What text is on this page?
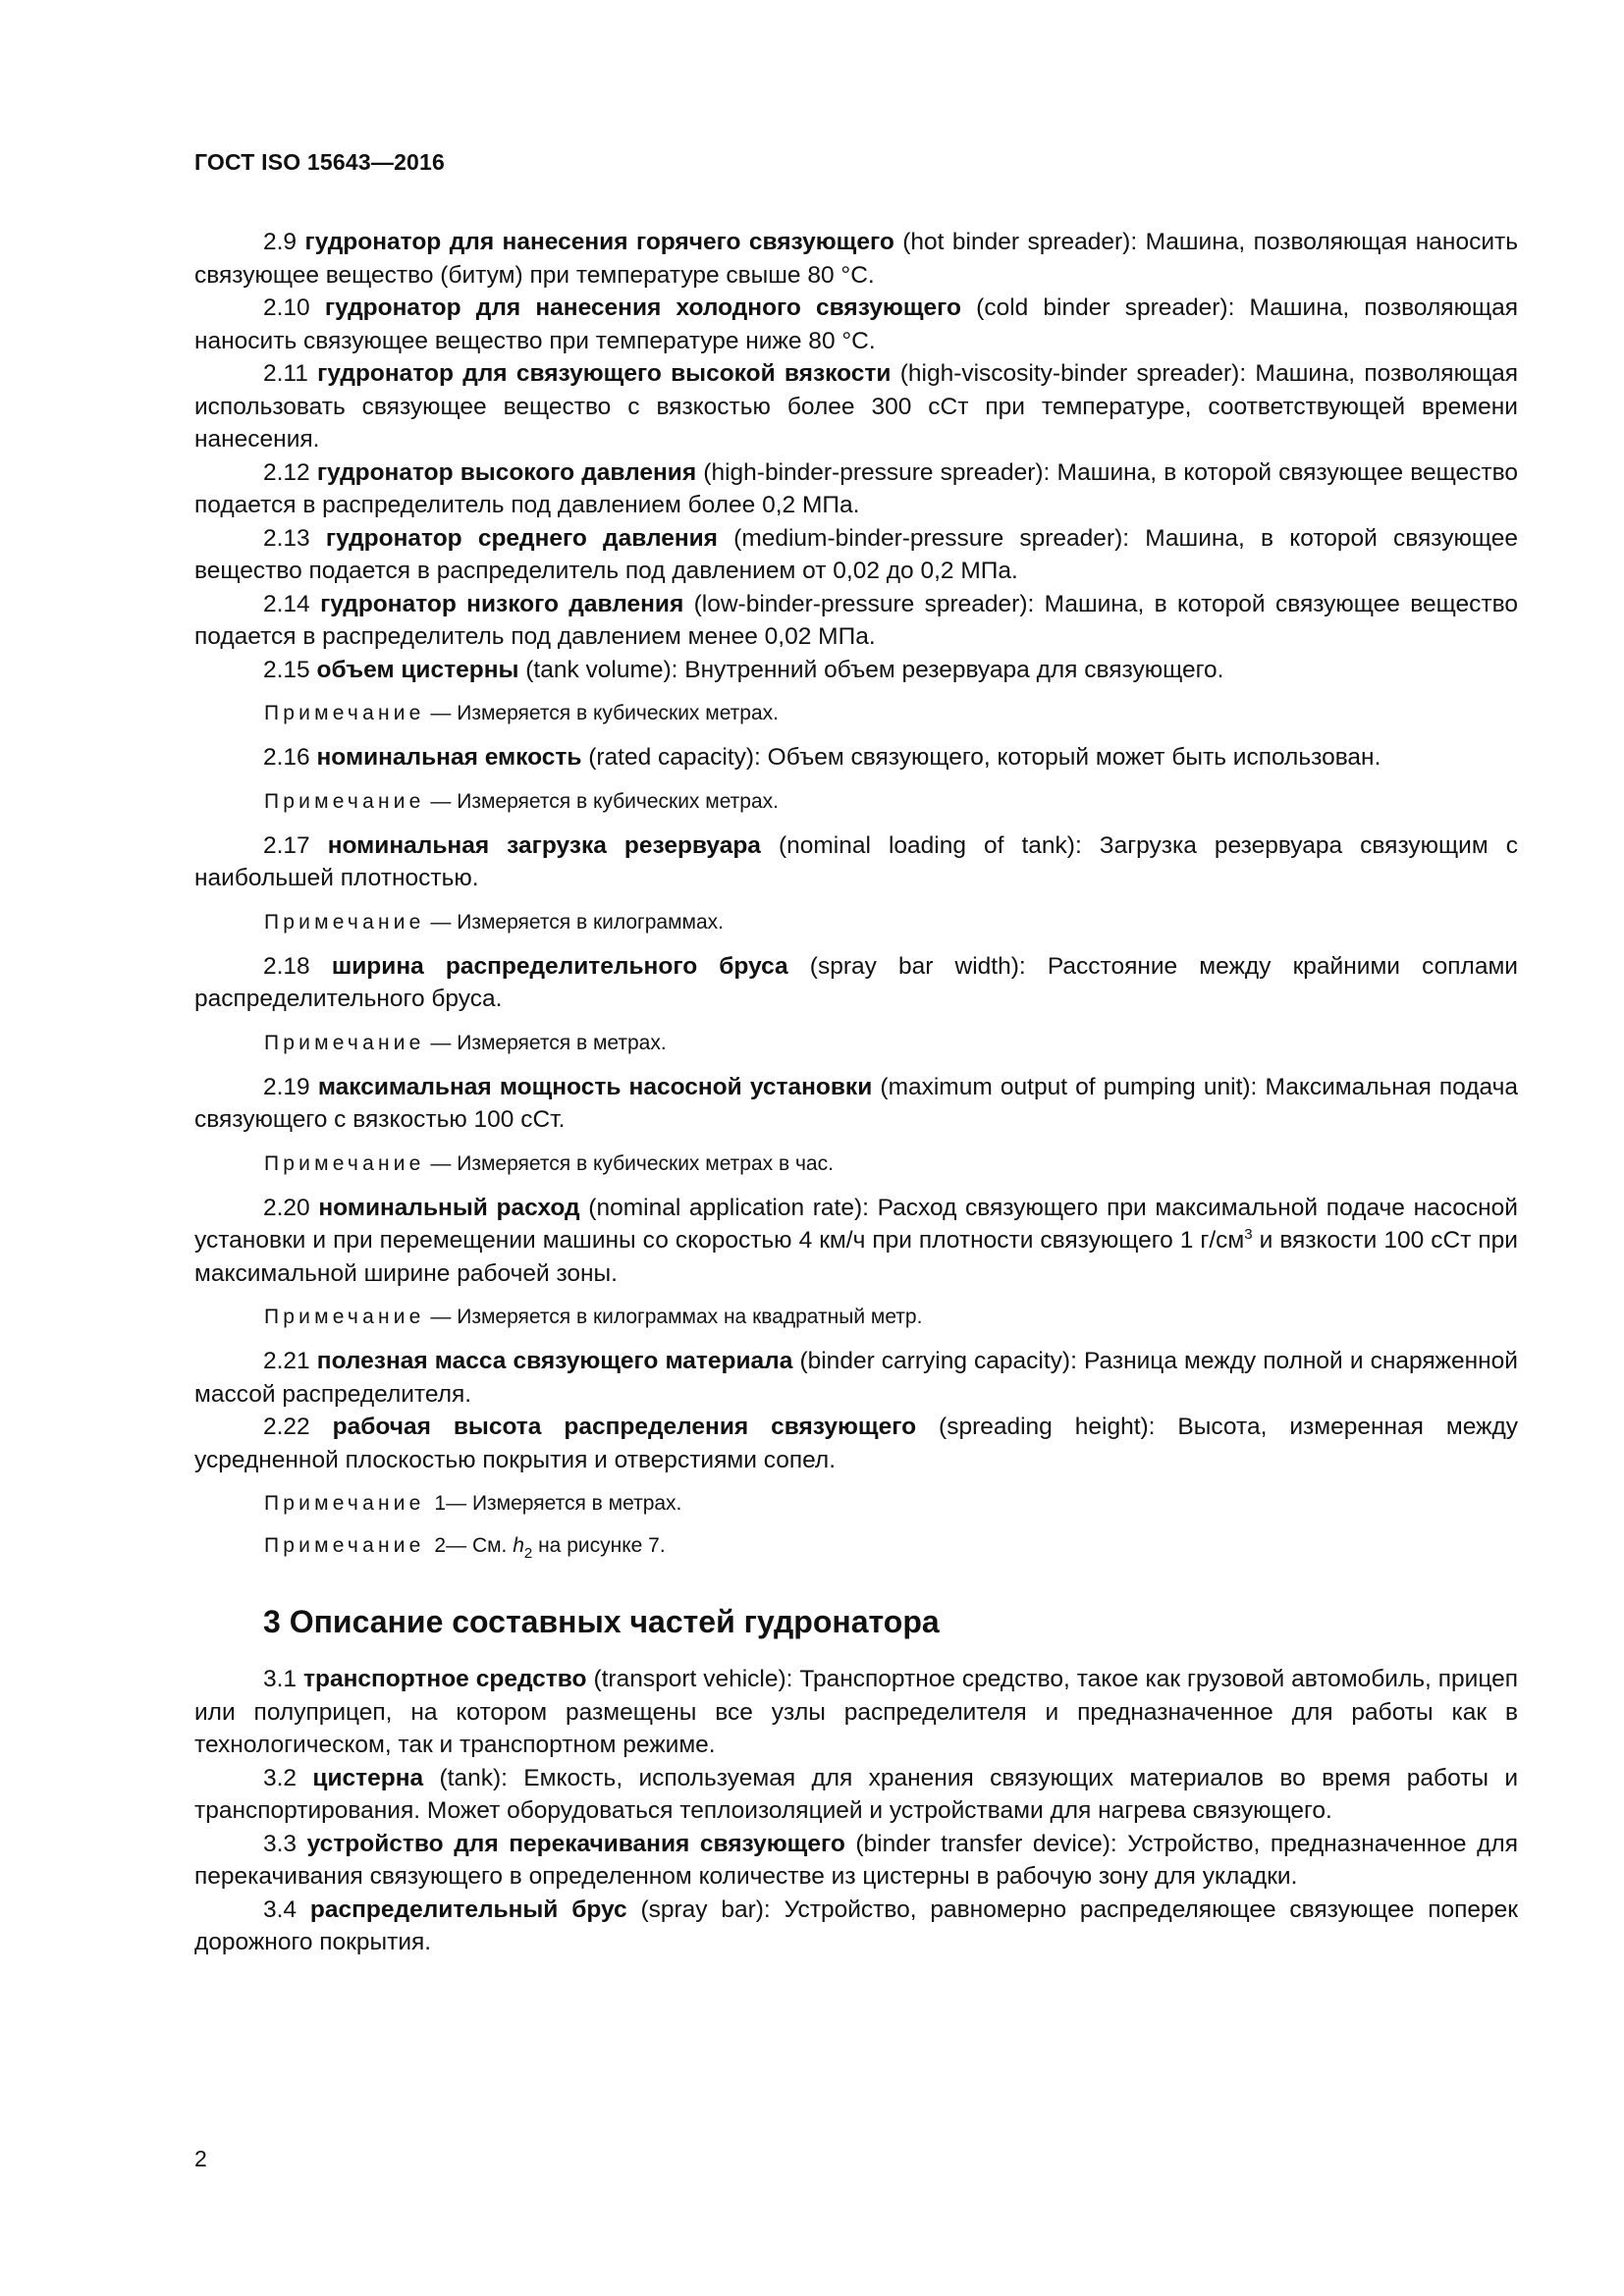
ГОСТ ISO 15643—2016

2.9 гудронатор для нанесения горячего связующего (hot binder spreader): Машина, позволяющая наносить связующее вещество (битум) при температуре свыше 80 °С.

2.10 гудронатор для нанесения холодного связующего (cold binder spreader): Машина, позволяющая наносить связующее вещество при температуре ниже 80 °С.

2.11 гудронатор для связующего высокой вязкости (high-viscosity-binder spreader): Машина, позволяющая использовать связующее вещество с вязкостью более 300 сСт при температуре, соответствующей времени нанесения.

2.12 гудронатор высокого давления (high-binder-pressure spreader): Машина, в которой связующее вещество подается в распределитель под давлением более 0,2 МПа.

2.13 гудронатор среднего давления (medium-binder-pressure spreader): Машина, в которой связующее вещество подается в распределитель под давлением от 0,02 до 0,2 МПа.

2.14 гудронатор низкого давления (low-binder-pressure spreader): Машина, в которой связующее вещество подается в распределитель под давлением менее 0,02 МПа.

2.15 объем цистерны (tank volume): Внутренний объем резервуара для связующего.

Примечание — Измеряется в кубических метрах.

2.16 номинальная емкость (rated capacity): Объем связующего, который может быть использован.

Примечание — Измеряется в кубических метрах.

2.17 номинальная загрузка резервуара (nominal loading of tank): Загрузка резервуара связующим с наибольшей плотностью.

Примечание — Измеряется в килограммах.

2.18 ширина распределительного бруса (spray bar width): Расстояние между крайними соплами распределительного бруса.

Примечание — Измеряется в метрах.

2.19 максимальная мощность насосной установки (maximum output of pumping unit): Максимальная подача связующего с вязкостью 100 сСт.

Примечание — Измеряется в кубических метрах в час.

2.20 номинальный расход (nominal application rate): Расход связующего при максимальной подаче насосной установки и при перемещении машины со скоростью 4 км/ч при плотности связующего 1 $г/см^3$ и вязкости 100 сСт при максимальной ширине рабочей зоны.

Примечание — Измеряется в килограммах на квадратный метр.

2.21 полезная масса связующего материала (binder carrying capacity): Разница между полной и снаряженной массой распределителя.

2.22 рабочая высота распределения связующего (spreading height): Высота, измеренная между усредненной плоскостью покрытия и отверстиями сопел.

Примечание 1— Измеряется в метрах.

Примечание 2— См. $h_2$ на рисунке 7.

3 Описание составных частей гудронатора

3.1 транспортное средство (transport vehicle): Транспортное средство, такое как грузовой автомобиль, прицеп или полуприцеп, на котором размещены все узлы распределителя и предназначенное для работы как в технологическом, так и транспортном режиме.

3.2 цистерна (tank): Емкость, используемая для хранения связующих материалов во время работы и транспортирования. Может оборудоваться теплоизоляцией и устройствами для нагрева связующего.

3.3 устройство для перекачивания связующего (binder transfer device): Устройство, предназначенное для перекачивания связующего в определенном количестве из цистерны в рабочую зону для укладки.

3.4 распределительный брус (spray bar): Устройство, равномерно распределяющее связующее поперек дорожного покрытия.

2
